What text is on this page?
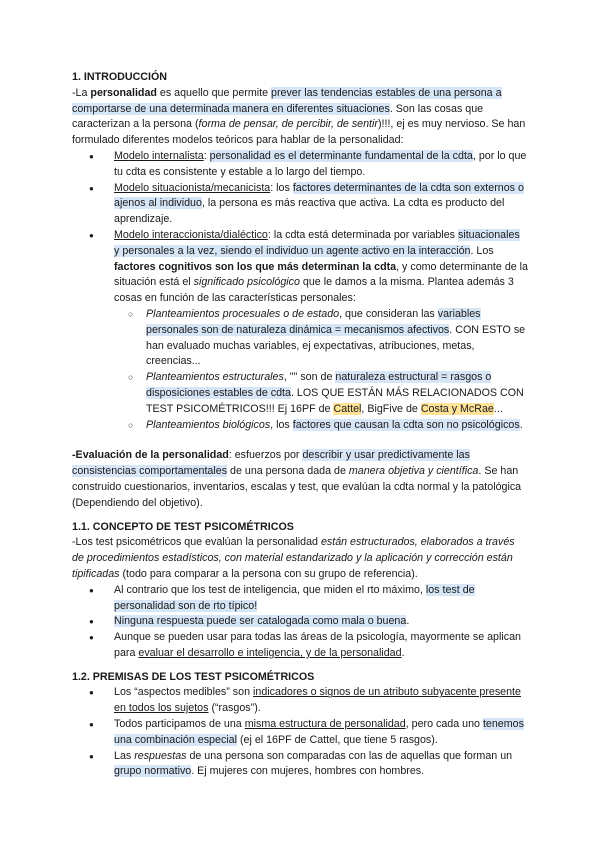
1. INTRODUCCIÓN

-La personalidad es aquello que permite prever las tendencias estables de una persona a comportarse de una determinada manera en diferentes situaciones. Son las cosas que caracterizan a la persona (forma de pensar, de percibir, de sentir)!!!, ej es muy nervioso. Se han formulado diferentes modelos teóricos para hablar de la personalidad:

● Modelo internalista: personalidad es el determinante fundamental de la cdta, por lo que tu cdta es consistente y estable a lo largo del tiempo.
● Modelo situacionista/mecanicista: los factores determinantes de la cdta son externos o ajenos al individuo, la persona es más reactiva que activa. La cdta es producto del aprendizaje.
● Modelo interaccionista/dialéctico: la cdta está determinada por variables situacionales y personales a la vez, siendo el individuo un agente activo en la interacción. Los factores cognitivos son los que más determinan la cdta, y como determinante de la situación está el significado psicológico que le damos a la misma. Plantea además 3 cosas en función de las características personales:
○ Planteamientos procesuales o de estado, que consideran las variables personales son de naturaleza dinámica = mecanismos afectivos. CON ESTO se han evaluado muchas variables, ej expectativas, atribuciones, metas, creencias...
○ Planteamientos estructurales, "" son de naturaleza estructural = rasgos o disposiciones estables de cdta. LOS QUE ESTÁN MÁS RELACIONADOS CON TEST PSICOMÉTRICOS!!! Ej 16PF de Cattel, BigFive de Costa y McRae...
○ Planteamientos biológicos, los factores que causan la cdta son no psicológicos.

-Evaluación de la personalidad: esfuerzos por describir y usar predictivamente las consistencias comportamentales de una persona dada de manera objetiva y científica. Se han construido cuestionarios, inventarios, escalas y test, que evalúan la cdta normal y la patológica (Dependiendo del objetivo).

1.1. CONCEPTO DE TEST PSICOMÉTRICOS

-Los test psicométricos que evalúan la personalidad están estructurados, elaborados a través de procedimientos estadísticos, con material estandarizado y la aplicación y corrección están tipificadas (todo para comparar a la persona con su grupo de referencia).

● Al contrario que los test de inteligencia, que miden el rto máximo, los test de personalidad son de rto típico!
● Ninguna respuesta puede ser catalogada como mala o buena.
● Aunque se pueden usar para todas las áreas de la psicología, mayormente se aplican para evaluar el desarrollo e inteligencia, y de la personalidad.
1.2. PREMISAS DE LOS TEST PSICOMÉTRICOS
● Los “aspectos medibles” son indicadores o signos de un atributo subyacente presente en todos los sujetos (“rasgos”).
● Todos participamos de una misma estructura de personalidad, pero cada uno tenemos una combinación especial (ej el 16PF de Cattel, que tiene 5 rasgos).
● Las respuestas de una persona son comparadas con las de aquellas que forman un grupo normativo. Ej mujeres con mujeres, hombres con hombres.
